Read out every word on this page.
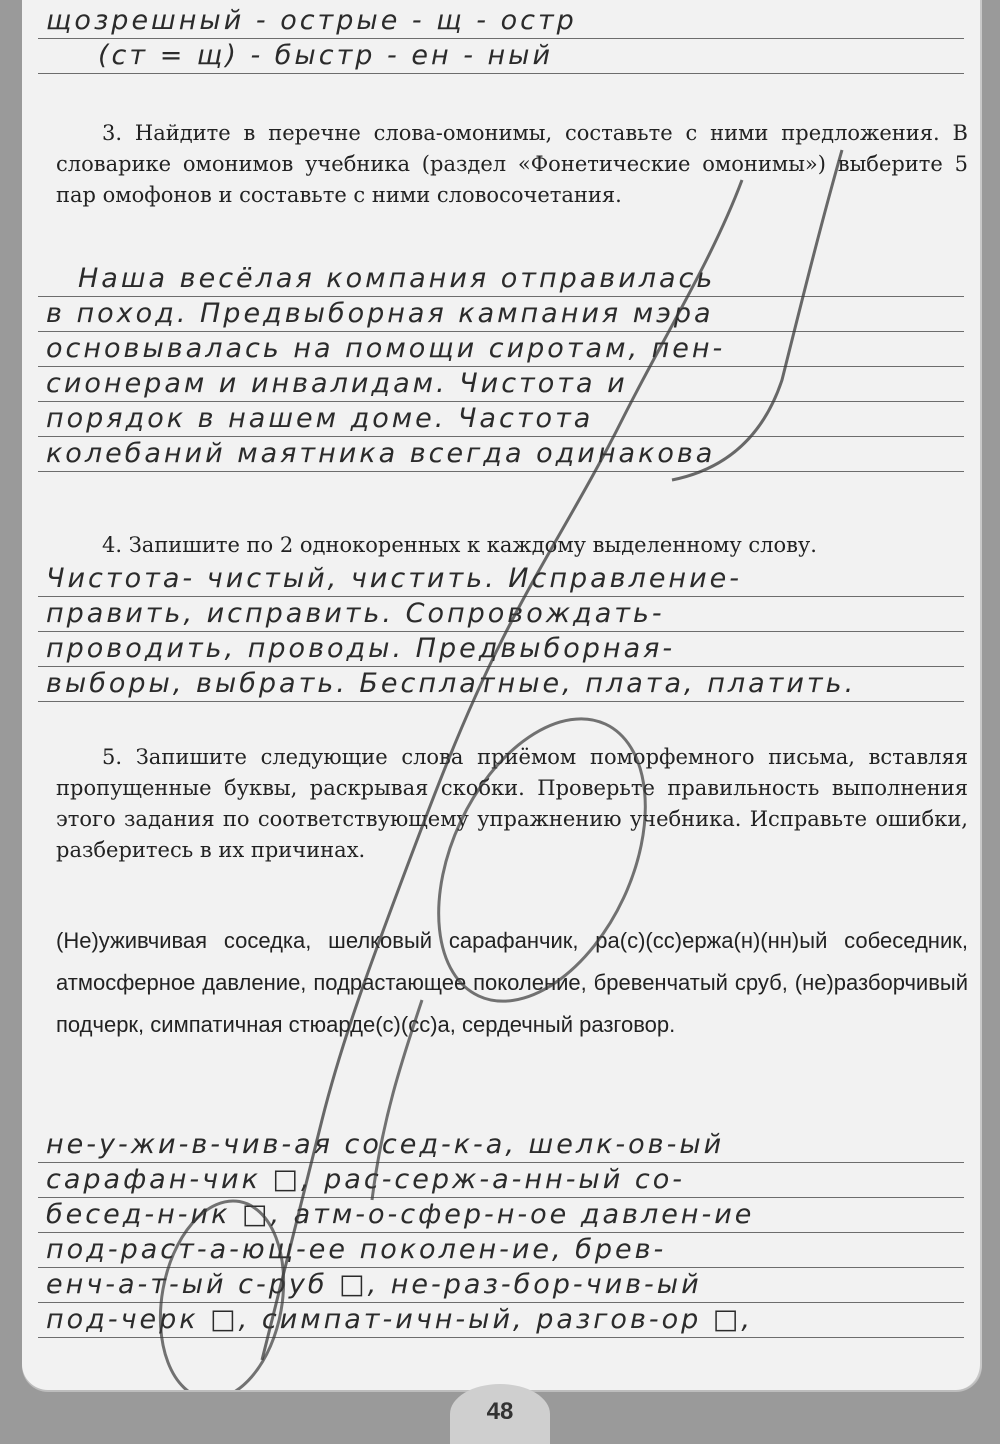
щозрешный - острые - щ - остр
(ст = щ) - быстр - ен - ный

3. Найдите в перечне слова-омонимы, составьте с ними предложения. В словарике омонимов учебника (раздел «Фонетические омонимы») выберите 5 пар омофонов и составьте с ними словосочетания.

Наша весёлая компания отправилась
в поход. Предвыборная кампания мэра
основывалась на помощи сиротам, пен-
сионерам и инвалидам. Чистота и
порядок в нашем доме. Частота
колебаний маятника всегда одинакова

4. Запишите по 2 однокоренных к каждому выделенному слову.

Чистота- чистый, чистить. Исправление-
править, исправить. Сопровождать-
проводить, проводы. Предвыборная-
выборы, выбрать. Бесплатные, плата, платить.

5. Запишите следующие слова приёмом поморфемного письма, вставляя пропущенные буквы, раскрывая скобки. Проверьте правильность выполнения этого задания по соответствующему упражнению учебника. Исправьте ошибки, разберитесь в их причинах.

(Не)уживчивая соседка, шелковый сарафанчик, ра(с)(сс)ержа(н)(нн)ый собеседник, атмосферное давление, подрастающее поколение, бревенчатый сруб, (не)разборчивый подчерк, симпатичная стюарде(с)(сс)а, сердечный разговор.

не-у-жи-в-чив-ая сосед-к-а, шелк-ов-ый
сарафан-чик □, рас-серж-а-нн-ый со-
бесед-н-ик □, атм-о-сфер-н-ое давлен-ие
под-раст-а-ющ-ее поколен-ие, брев-
енч-а-т-ый с-руб □, не-раз-бор-чив-ый
под-черк □, симпат-ичн-ый, разгов-ор □,
48
